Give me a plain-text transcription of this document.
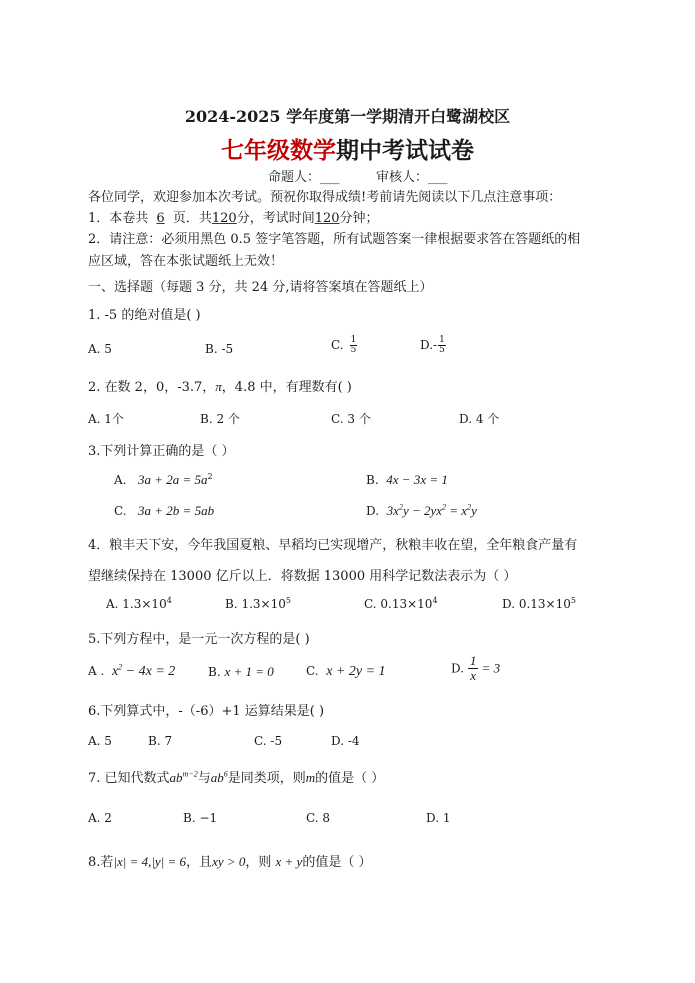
2024-2025 学年度第一学期清开白鹭湖校区
七年级数学期中考试试卷
命题人：___	审核人：___
各位同学，欢迎参加本次考试。预祝你取得成绩!考前请先阅读以下几点注意事项：
1．本卷共 6 页．共120分，考试时间120分钟；
2．请注意：必须用黑色 0.5 签字笔答题，所有试题答案一律根据要求答在答题纸的相
应区域，答在本张试题纸上无效！
一、选择题（每题 3 分，共 24 分,请将答案填在答题纸上）
1. -5 的绝对值是( )
A. 5	B. -5	C. $\frac{1}{5}$	$D.- \frac{1}{5}$
2. 在数 2，0，-3.7，π，4.8 中，有理数有( )
A. 1个	B. 2 个	C. 3 个	D. 4 个
3.下列计算正确的是（ ）
A. $3a + 2a = 5a^2$	B. 4x − 3x = 1
C. 3a + 2b = 5ab	D. $3x^2y - 2yx^2 = x^2y$
4．粮丰天下安，今年我国夏粮、早稻均已实现增产，秋粮丰收在望，全年粮食产量有
望继续保持在 13000 亿斤以上．将数据 13000 用科学记数法表示为（ ）
A. $1.3\times 10^4$	B. $1.3\times 10^5$	C. $0.13\times 10^4$	D. $0.13\times 10^5$
5.下列方程中，是一元一次方程的是( )
A . $x^2 - 4x = 2$	B. x + 1 = 0	C. x + 2y = 1	D. $\frac{1}{x} = 3$
6.下列算式中，-（-6）+1 运算结果是( )
A. 5	B. 7	C. -5	D. -4
7. 已知代数式$ab^{m-2}$与$ab^6$是同类项，则m的值是（ ）
A. 2	B. −1	C. 8	D. 1
8.若|x| = 4,|y| = 6，且xy > 0，则 x + y的值是（ ）
